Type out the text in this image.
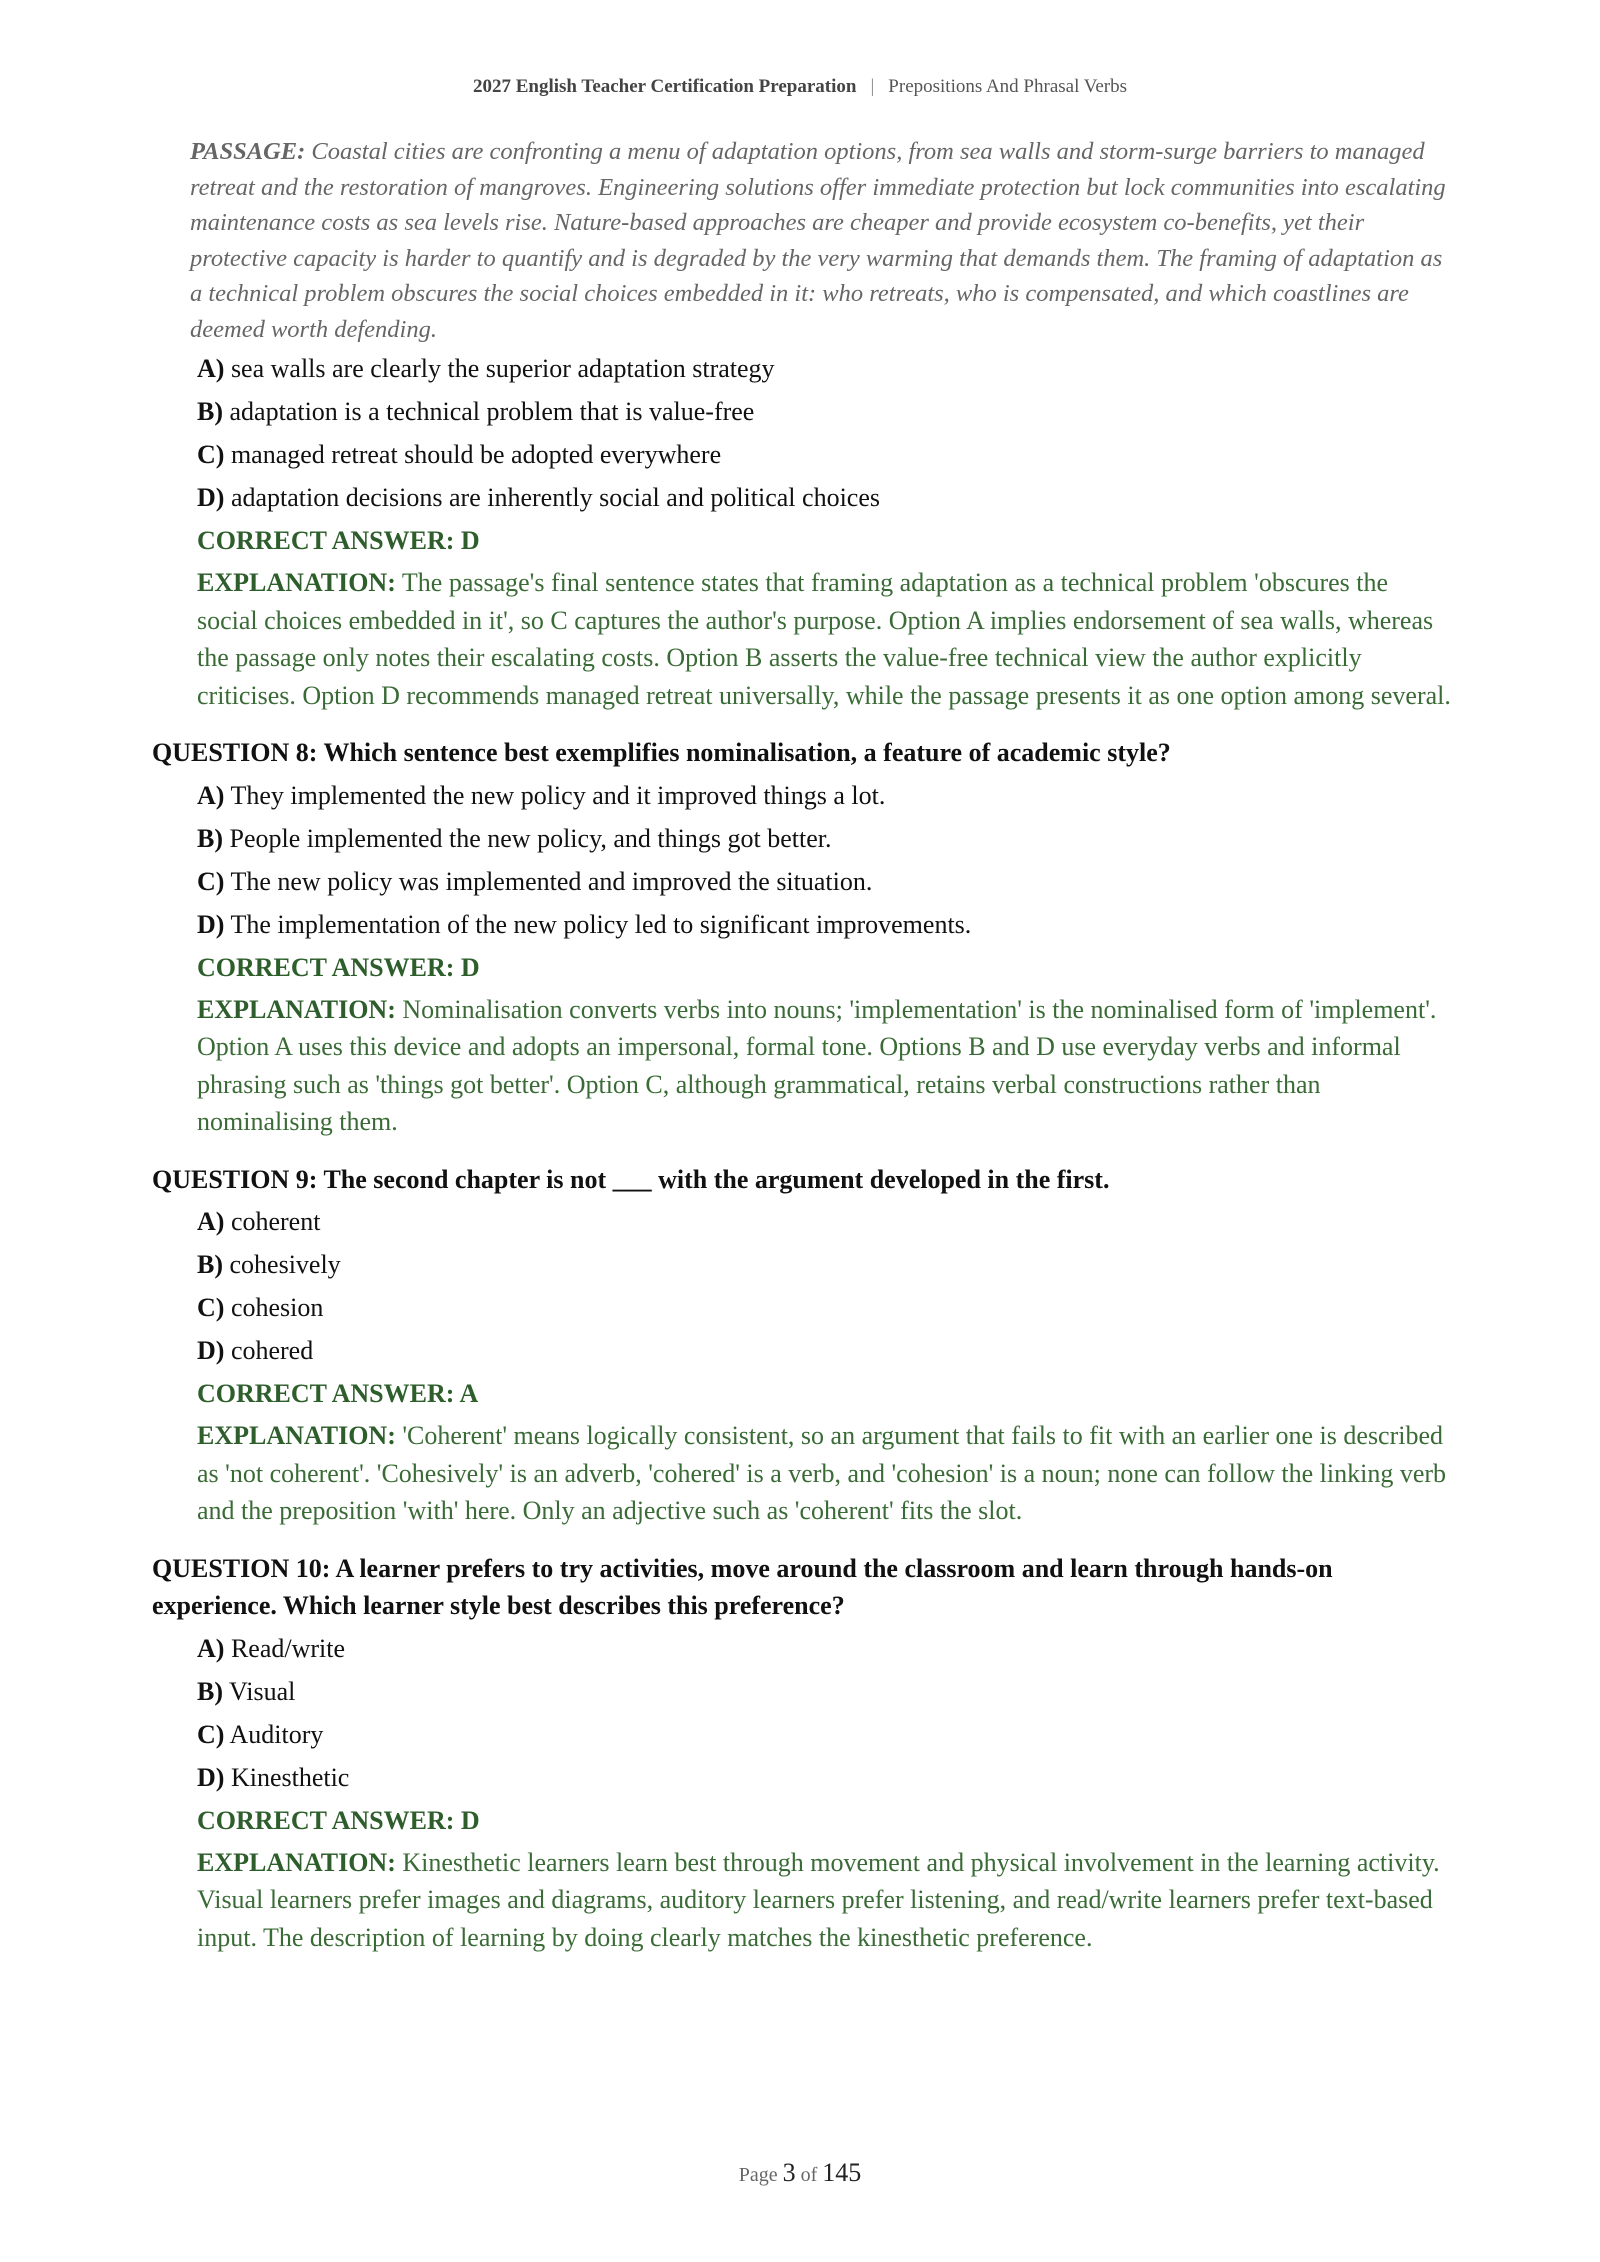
2027 English Teacher Certification Preparation | Prepositions And Phrasal Verbs
PASSAGE: Coastal cities are confronting a menu of adaptation options, from sea walls and storm-surge barriers to managed retreat and the restoration of mangroves. Engineering solutions offer immediate protection but lock communities into escalating maintenance costs as sea levels rise. Nature-based approaches are cheaper and provide ecosystem co-benefits, yet their protective capacity is harder to quantify and is degraded by the very warming that demands them. The framing of adaptation as a technical problem obscures the social choices embedded in it: who retreats, who is compensated, and which coastlines are deemed worth defending.
A) sea walls are clearly the superior adaptation strategy
B) adaptation is a technical problem that is value-free
C) managed retreat should be adopted everywhere
D) adaptation decisions are inherently social and political choices
CORRECT ANSWER: D
EXPLANATION: The passage's final sentence states that framing adaptation as a technical problem 'obscures the social choices embedded in it', so C captures the author's purpose. Option A implies endorsement of sea walls, whereas the passage only notes their escalating costs. Option B asserts the value-free technical view the author explicitly criticises. Option D recommends managed retreat universally, while the passage presents it as one option among several.
QUESTION 8: Which sentence best exemplifies nominalisation, a feature of academic style?
A) They implemented the new policy and it improved things a lot.
B) People implemented the new policy, and things got better.
C) The new policy was implemented and improved the situation.
D) The implementation of the new policy led to significant improvements.
CORRECT ANSWER: D
EXPLANATION: Nominalisation converts verbs into nouns; 'implementation' is the nominalised form of 'implement'. Option A uses this device and adopts an impersonal, formal tone. Options B and D use everyday verbs and informal phrasing such as 'things got better'. Option C, although grammatical, retains verbal constructions rather than nominalising them.
QUESTION 9: The second chapter is not ___ with the argument developed in the first.
A) coherent
B) cohesively
C) cohesion
D) cohered
CORRECT ANSWER: A
EXPLANATION: 'Coherent' means logically consistent, so an argument that fails to fit with an earlier one is described as 'not coherent'. 'Cohesively' is an adverb, 'cohered' is a verb, and 'cohesion' is a noun; none can follow the linking verb and the preposition 'with' here. Only an adjective such as 'coherent' fits the slot.
QUESTION 10: A learner prefers to try activities, move around the classroom and learn through hands-on experience. Which learner style best describes this preference?
A) Read/write
B) Visual
C) Auditory
D) Kinesthetic
CORRECT ANSWER: D
EXPLANATION: Kinesthetic learners learn best through movement and physical involvement in the learning activity. Visual learners prefer images and diagrams, auditory learners prefer listening, and read/write learners prefer text-based input. The description of learning by doing clearly matches the kinesthetic preference.
Page 3 of 145
